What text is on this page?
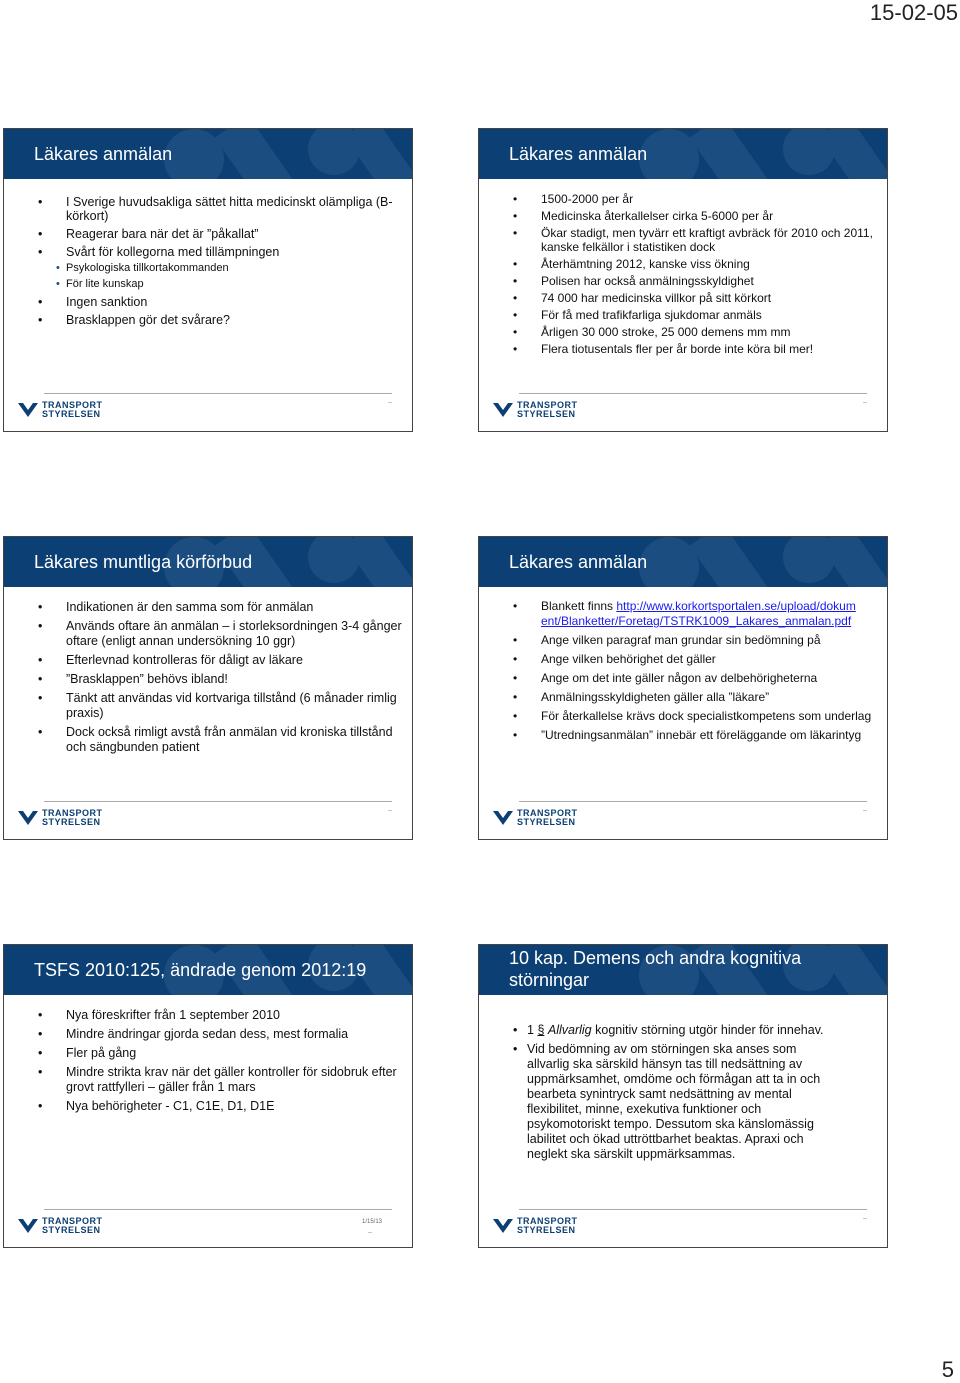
15-02-05
Läkares anmälan
• I Sverige huvudsakliga sättet hitta medicinskt olämpliga (B-körkort)
• Reagerar bara när det är ”påkallat”
• Svårt för kollegorna med tillämpningen
• Psykologiska tillkortakommanden
• För lite kunskap
• Ingen sanktion
• Brasklappen gör det svårare?
TRANSPORT
STYRELSEN
–
Läkares anmälan
• 1500-2000 per år
• Medicinska återkallelser cirka 5-6000 per år
• Ökar stadigt, men tyvärr ett kraftigt avbräck för 2010 och 2011, kanske felkällor i statistiken dock
• Återhämtning 2012, kanske viss ökning
• Polisen har också anmälningsskyldighet
• 74 000 har medicinska villkor på sitt körkort
• För få med trafikfarliga sjukdomar anmäls
• Årligen 30 000 stroke, 25 000 demens mm mm
• Flera tiotusentals fler per år borde inte köra bil mer!
TRANSPORT
STYRELSEN
–
Läkares muntliga körförbud
• Indikationen är den samma som för anmälan
• Används oftare än anmälan – i storleksordningen 3-4 gånger oftare (enligt annan undersökning 10 ggr)
• Efterlevnad kontrolleras för dåligt av läkare
• ”Brasklappen” behövs ibland!
• Tänkt att användas vid kortvariga tillstånd (6 månader rimlig praxis)
• Dock också rimligt avstå från anmälan vid kroniska tillstånd och sängbunden patient
TRANSPORT
STYRELSEN
–
Läkares anmälan
• Blankett finns http://www.korkortsportalen.se/upload/dokument/Blanketter/Foretag/TSTRK1009_Lakares_anmalan.pdf
• Ange vilken paragraf man grundar sin bedömning på
• Ange vilken behörighet det gäller
• Ange om det inte gäller någon av delbehörigheterna
• Anmälningsskyldigheten gäller alla ”läkare”
• För återkallelse krävs dock specialistkompetens som underlag
• ”Utredningsanmälan” innebär ett föreläggande om läkarintyg
TRANSPORT
STYRELSEN
–
TSFS 2010:125, ändrade genom 2012:19
• Nya föreskrifter från 1 september 2010
• Mindre ändringar gjorda sedan dess, mest formalia
• Fler på gång
• Mindre strikta krav när det gäller kontroller för sidobruk efter grovt rattfylleri – gäller från 1 mars
• Nya behörigheter - C1, C1E, D1, D1E
TRANSPORT
STYRELSEN
1/15/13
–
10 kap. Demens och andra kognitiva störningar
• 1 § Allvarlig kognitiv störning utgör hinder för innehav.
• Vid bedömning av om störningen ska anses som allvarlig ska särskild hänsyn tas till nedsättning av uppmärksamhet, omdöme och förmågan att ta in och bearbeta synintryck samt nedsättning av mental flexibilitet, minne, exekutiva funktioner och psykomotoriskt tempo. Dessutom ska känslomässig labilitet och ökad uttröttbarhet beaktas. Apraxi och neglekt ska särskilt uppmärksammas.
TRANSPORT
STYRELSEN
–
5
